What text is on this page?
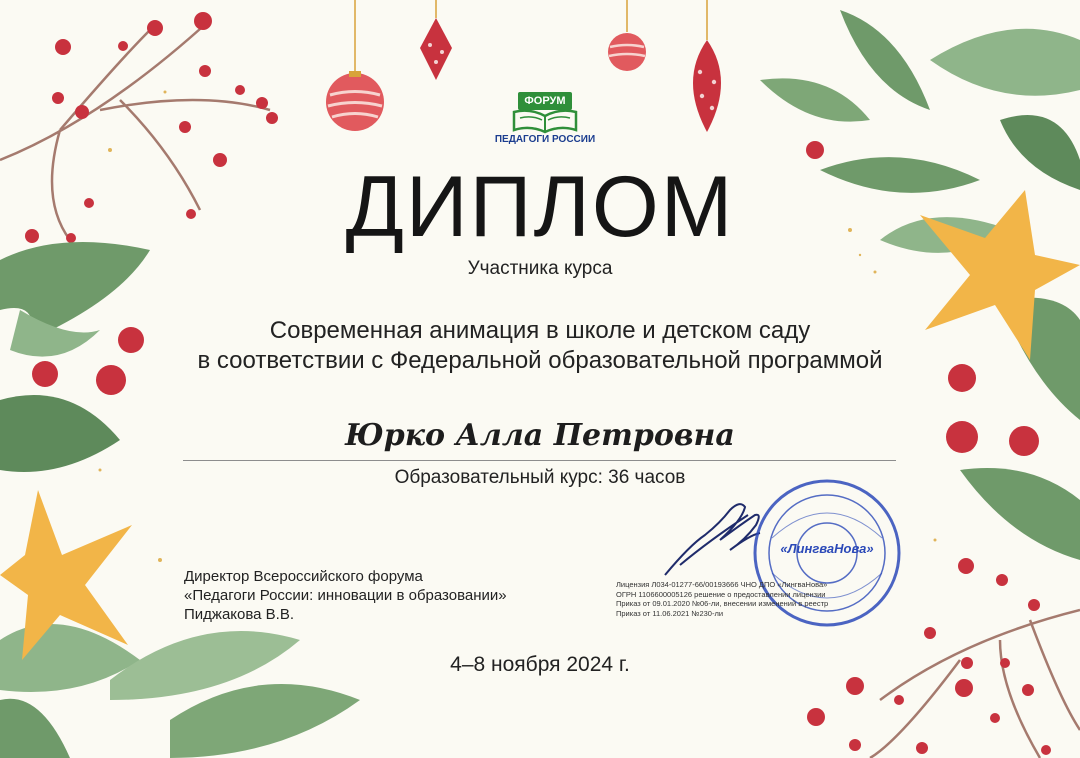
ФОРУМ
ПЕДАГОГИ РОССИИ
ДИПЛОМ
Участника курса
Современная анимация в школе и детском саду
в соответствии с Федеральной образовательной программой
Юрко Алла Петровна
Образовательный курс: 36 часов
Директор Всероссийского форума
«Педагоги России: инновации в образовании»
Пиджакова В.В.
«ЛингваНова»
Лицензия Л034-01277-66/00193666 ЧНО ДПО «ЛингваНова»
ОГРН 1106600005126 решение о предоставлении лицензии
Приказ от 09.01.2020 №06-ли, внесении изменений в реестр
Приказ от 11.06.2021 №230-ли
4–8 ноября 2024 г.
